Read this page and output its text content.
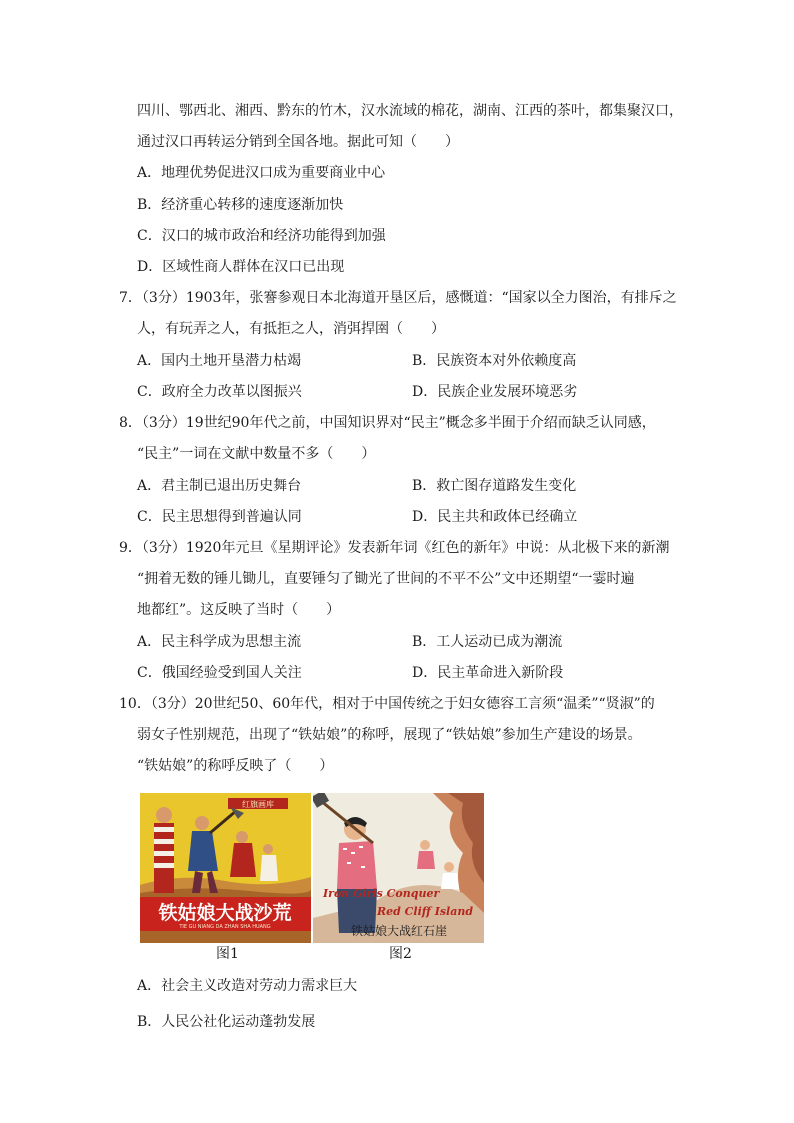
四川、鄂西北、湘西、黔东的竹木，汉水流域的棉花，湖南、江西的茶叶，都集聚汉口，
通过汉口再转运分销到全国各地。据此可知（　　）
A．地理优势促进汉口成为重要商业中心
B．经济重心转移的速度逐渐加快
C．汉口的城市政治和经济功能得到加强
D．区域性商人群体在汉口已出现
7．（3分）1903年，张謇参观日本北海道开垦区后，感慨道：“国家以全力图治，有排斥之
人，有玩弄之人，有抵拒之人，消弭捍圉（　　）
A．国内土地开垦潜力枯竭	B．民族资本对外依赖度高
C．政府全力改革以图振兴	D．民族企业发展环境恶劣
8．（3分）19世纪90年代之前，中国知识界对“民主”概念多半囿于介绍而缺乏认同感，
“民主”一词在文献中数量不多（　　）
A．君主制已退出历史舞台	B．救亡图存道路发生变化
C．民主思想得到普遍认同	D．民主共和政体已经确立
9．（3分）1920年元旦《星期评论》发表新年词《红色的新年》中说：从北极下来的新潮
“拥着无数的锤儿锄儿，直要锤匀了锄光了世间的不平不公”文中还期望“一霎时遍
地都红”。这反映了当时（　　）
A．民主科学成为思想主流	B．工人运动已成为潮流
C．俄国经验受到国人关注	D．民主革命进入新阶段
10．（3分）20世纪50、60年代，相对于中国传统之于妇女德容工言须“温柔”“贤淑”的
弱女子性别规范，出现了“铁姑娘”的称呼，展现了“铁姑娘”参加生产建设的场景。
“铁姑娘”的称呼反映了（　　）
红旗画库
铁姑娘大战沙荒
TIE GU NIANG DA ZHAN SHA HUANG
Iron Girls Conquer
Red Cliff Island
铁姑娘大战红石崖
图1	图2
A．社会主义改造对劳动力需求巨大
B．人民公社化运动蓬勃发展
